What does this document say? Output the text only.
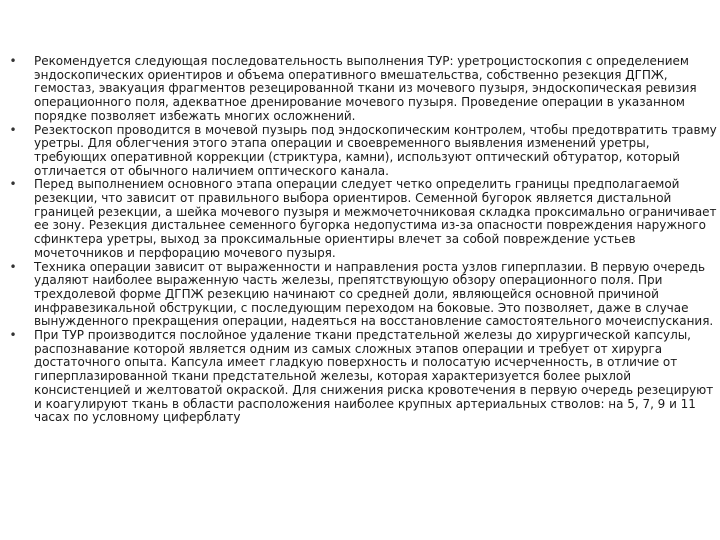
• Рекомендуется следующая последовательность выполнения ТУР: уретроцистоскопия с определением эндоскопических ориентиров и объема оперативного вмешательства, собственно резекция ДГПЖ, гемостаз, эвакуация фрагментов резецированной ткани из мочевого пузыря, эндоскопическая ревизия операционного поля, адекватное дренирование мочевого пузыря. Проведение операции в указанном порядке позволяет избежать многих осложнений.
• Резектоскоп проводится в мочевой пузырь под эндоскопическим контролем, чтобы предотвратить травму уретры. Для облегчения этого этапа операции и своевременного выявления изменений уретры, требующих оперативной коррекции (стриктура, камни), используют оптический обтуратор, который отличается от обычного наличием оптического канала.
• Перед выполнением основного этапа операции следует четко определить границы предполагаемой резекции, что зависит от правильного выбора ориентиров. Семенной бугорок является дистальной границей резекции, а шейка мочевого пузыря и межмочеточниковая складка проксимально ограничивает ее зону. Резекция дистальнее семенного бугорка недопустима из-за опасности повреждения наружного сфинктера уретры, выход за проксимальные ориентиры влечет за собой повреждение устьев мочеточников и перфорацию мочевого пузыря.
• Техника операции зависит от выраженности и направления роста узлов гиперплазии. В первую очередь удаляют наиболее выраженную часть железы, препятствующую обзору операционного поля. При трехдолевой форме ДГПЖ резекцию начинают со средней доли, являющейся основной причиной инфравезикальной обструкции, с последующим переходом на боковые. Это позволяет, даже в случае вынужденного прекращения операции, надеяться на восстановление самостоятельного мочеиспускания.
• При ТУР производится послойное удаление ткани предстательной железы до хирургической капсулы, распознавание которой является одним из самых сложных этапов операции и требует от хирурга достаточного опыта. Капсула имеет гладкую поверхность и полосатую исчерченность, в отличие от гиперплазированной ткани предстательной железы, которая характеризуется более рыхлой консистенцией и желтоватой окраской. Для снижения риска кровотечения в первую очередь резецируют и коагулируют ткань в области расположения наиболее крупных артериальных стволов: на 5, 7, 9 и 11 часах по условному циферблату
